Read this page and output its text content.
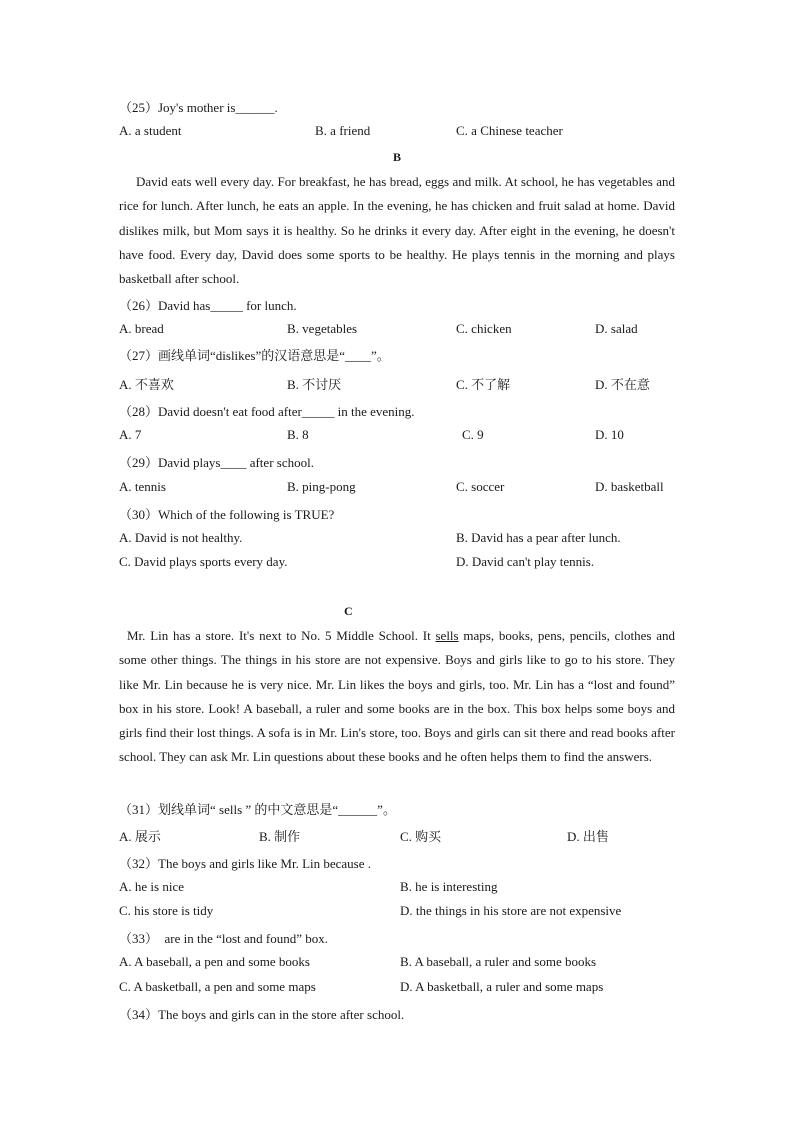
（25）Joy's mother is______.
A. a student	B. a friend	C. a Chinese teacher
B
David eats well every day. For breakfast, he has bread, eggs and milk. At school, he has vegetables and rice for lunch. After lunch, he eats an apple. In the evening, he has chicken and fruit salad at home. David dislikes milk, but Mom says it is healthy. So he drinks it every day. After eight in the evening, he doesn't have food. Every day, David does some sports to be healthy. He plays tennis in the morning and plays basketball after school.
（26）David has_____ for lunch.
A. bread	B. vegetables	C. chicken	D. salad
（27）画线单词“dislikes”的汉语意思是“____”。
A. 不喜欢	B. 不讨厌	C. 不了解	D. 不在意
（28）David doesn't eat food after_____ in the evening.
A. 7	B. 8	C. 9	D. 10
（29）David plays____ after school.
A. tennis	B. ping-pong	C. soccer	D. basketball
（30）Which of the following is TRUE?
A. David is not healthy.	B. David has a pear after lunch.
C. David plays sports every day.	D. David can't play tennis.
C
Mr. Lin has a store. It's next to No. 5 Middle School. It sells maps, books, pens, pencils, clothes and some other things. The things in his store are not expensive. Boys and girls like to go to his store. They like Mr. Lin because he is very nice. Mr. Lin likes the boys and girls, too. Mr. Lin has a “lost and found” box in his store. Look! A baseball, a ruler and some books are in the box. This box helps some boys and girls find their lost things. A sofa is in Mr. Lin's store, too. Boys and girls can sit there and read books after school. They can ask Mr. Lin questions about these books and he often helps them to find the answers.
（31）划线单词“ sells ” 的中文意思是“______”。
A. 展示	B. 制作	C. 购买	D. 出售
（32）The boys and girls like Mr. Lin because .
A. he is nice	B. he is interesting
C. his store is tidy	D. the things in his store are not expensive
（33）  are in the “lost and found” box.
A. A baseball, a pen and some books	B. A baseball, a ruler and some books
C. A basketball, a pen and some maps	D. A basketball, a ruler and some maps
（34）The boys and girls can in the store after school.
